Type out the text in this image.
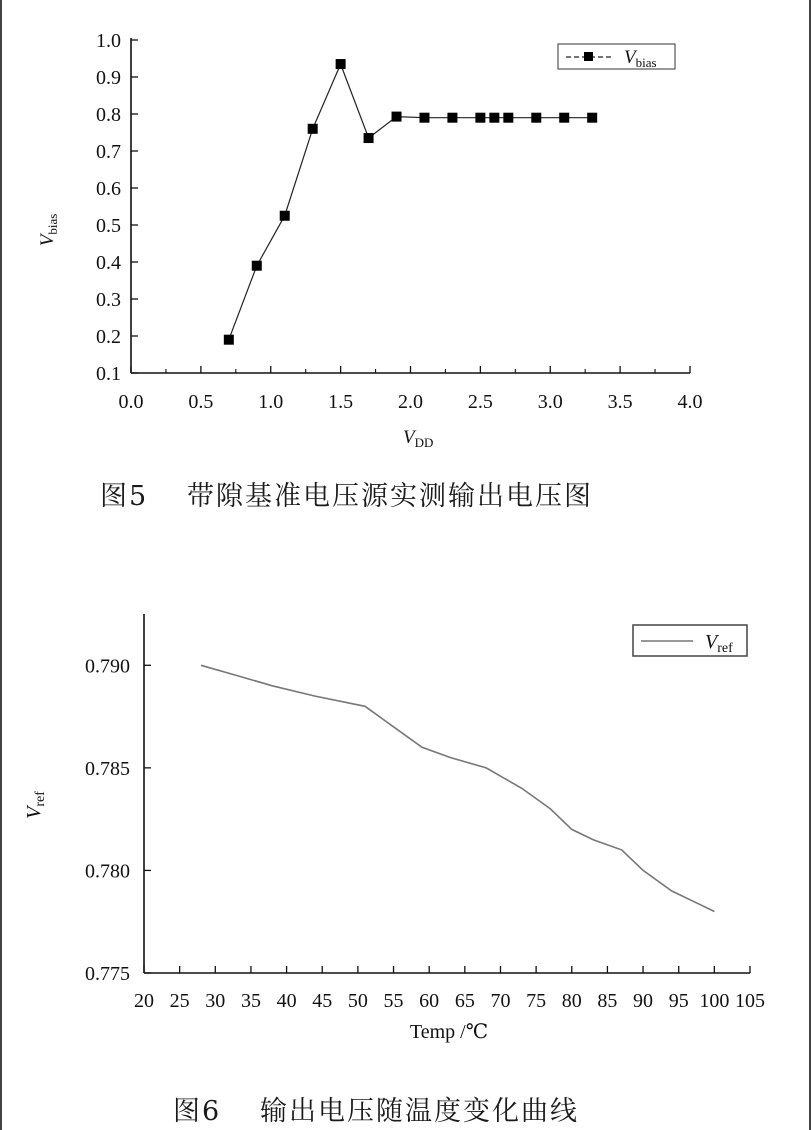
1.0
0.9
0.8
0.7
0.6
0.5
0.4
0.3
0.2
0.1
0.0 0.5 1.0 1.5 2.0 2.5 3.0 3.5 4.0
$V_{bias}$
$V_{DD}$
$V_{bias}$
图5 带隙基准电压源实测输出电压图
0.790
0.785
0.780
0.775
20 25 30 35 40 45 50 55 60 65 70 75 80 85 90 95 100 105
$V_{ref}$
Temp /℃
$V_{ref}$
图6 输出电压随温度变化曲线
